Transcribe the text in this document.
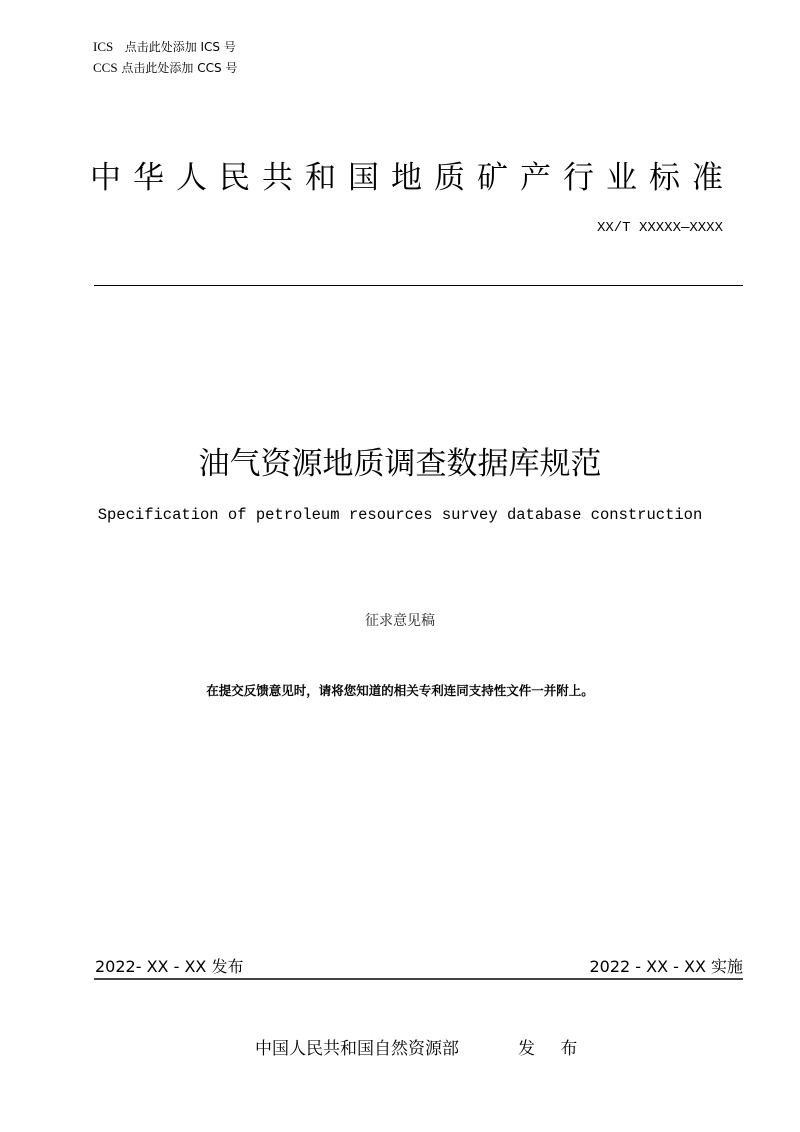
ICS 点击此处添加 ICS 号
CCS 点击此处添加 CCS 号
中华人民共和国地质矿产行业标准
XX/T XXXXX—XXXX
油气资源地质调查数据库规范
Specification of petroleum resources survey database construction
征求意见稿
在提交反馈意见时，请将您知道的相关专利连同支持性文件一并附上。
2022- XX - XX 发布	2022 - XX - XX 实施
中国人民共和国自然资源部	发 布
